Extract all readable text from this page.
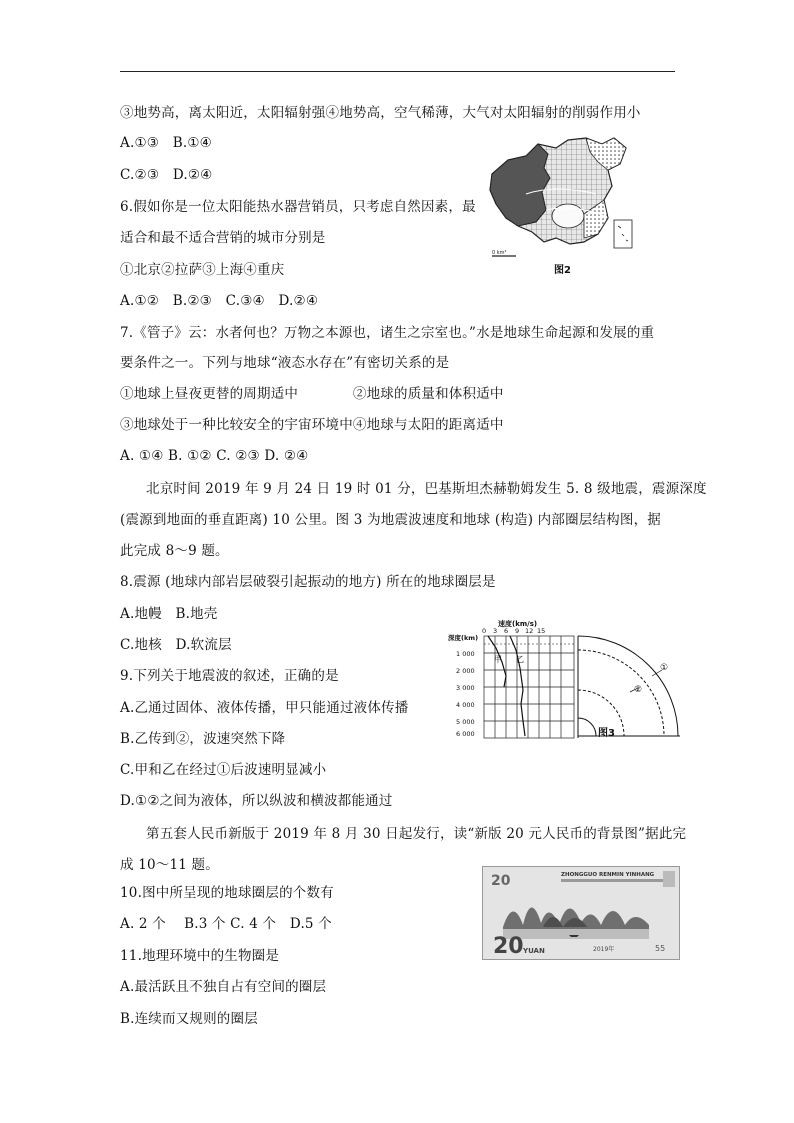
③地势高，离太阳近，太阳辐射强④地势高，空气稀薄，大气对太阳辐射的削弱作用小
A.①③　B.①④
C.②③　D.②④
6.假如你是一位太阳能热水器营销员，只考虑自然因素，最
适合和最不适合营销的城市分别是
①北京②拉萨③上海④重庆
A.①②　B.②③　C.③④　D.②④
7.《管子》云：水者何也？万物之本源也，诸生之宗室也。”水是地球生命起源和发展的重
要条件之一。下列与地球“液态水存在”有密切关系的是
①地球上昼夜更替的周期适中　　　　②地球的质量和体积适中
③地球处于一种比较安全的宇宙环境中④地球与太阳的距离适中
A. ①④ B. ①② C. ②③ D. ②④
北京时间 2019 年 9 月 24 日 19 时 01 分，巴基斯坦杰赫勒姆发生 5. 8 级地震，震源深度
(震源到地面的垂直距离) 10 公里。图 3 为地震波速度和地球 (构造) 内部圈层结构图，据
此完成 8～9 题。
8.震源 (地球内部岩层破裂引起振动的地方) 所在的地球圈层是
A.地幔　B.地壳
C.地核　D.软流层
9.下列关于地震波的叙述，正确的是
A.乙通过固体、液体传播，甲只能通过液体传播
B.乙传到②，波速突然下降
C.甲和乙在经过①后波速明显减小
D.①②之间为液体，所以纵波和横波都能通过
第五套人民币新版于 2019 年 8 月 30 日起发行，读“新版 20 元人民币的背景图”据此完
成 10～11 题。
10.图中所呈现的地球圈层的个数有
A. 2 个　 B.3 个 C. 4 个　D.5 个
11.地理环境中的生物圈是
A.最活跃且不独自占有空间的圈层
B.连续而又规则的圈层
0 km²
图2
速度(km/s)
0 3 6 9 12 15
深度(km)
1 000
2 000
3 000
4 000
5 000
6 000
甲 乙
①
②
图3
20	ZHONGGUO RENMIN YINHANG
20 YUAN	2019年	55
